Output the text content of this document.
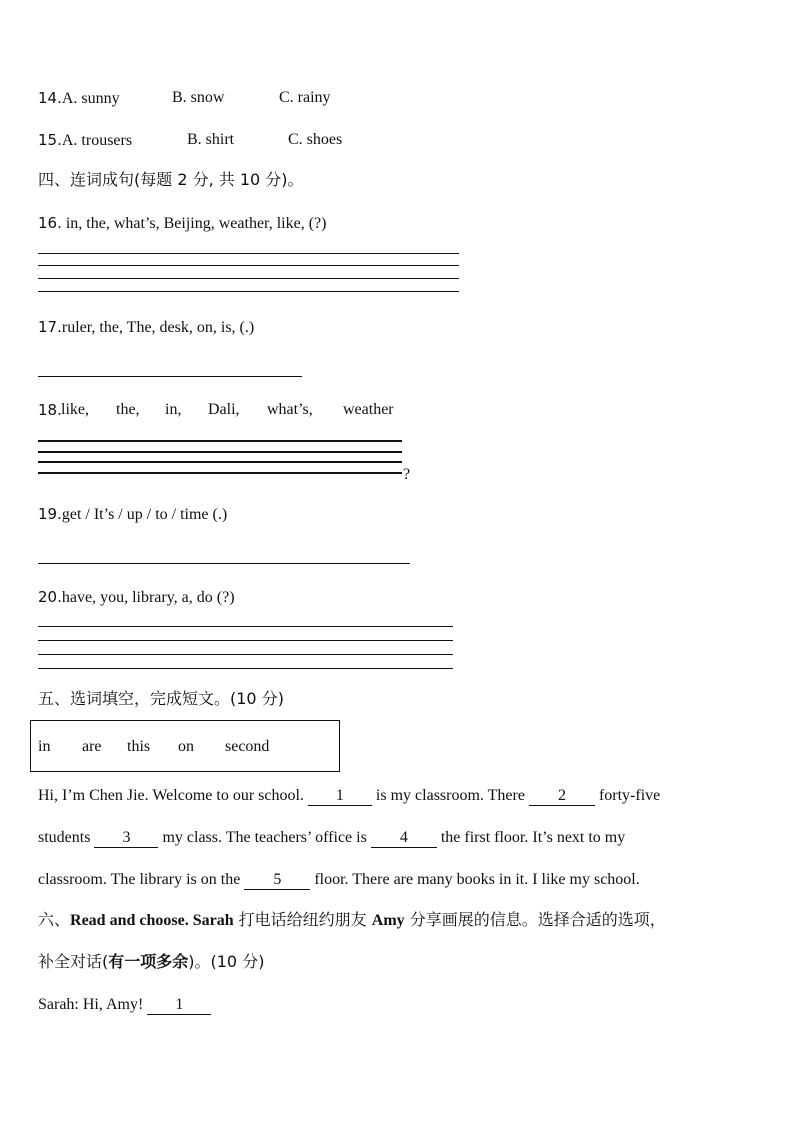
14.A. sunny	B. snow	C. rainy
15.A. trousers	B. shirt	C. shoes
四、连词成句(每题 2 分, 共 10 分)。
16. in, the, what’s, Beijing, weather, like, (?)
17.ruler, the, The, desk, on, is, (.)
18. like, the, in, Dali, what’s, weather
?
19.get / It’s / up / to / time (.)
20.have, you, library, a, do (?)
五、选词填空，完成短文。(10 分)
in are this on second
Hi, I’m Chen Jie. Welcome to our school. 1 is my classroom. There 2 forty-five
students 3 my class. The teachers’ office is 4 the first floor. It’s next to my
classroom. The library is on the 5 floor. There are many books in it. I like my school.
六、Read and choose. Sarah 打电话给纽约朋友 Amy 分享画展的信息。选择合适的选项，
补全对话(有一项多余)。(10 分)
Sarah: Hi, Amy! 1
